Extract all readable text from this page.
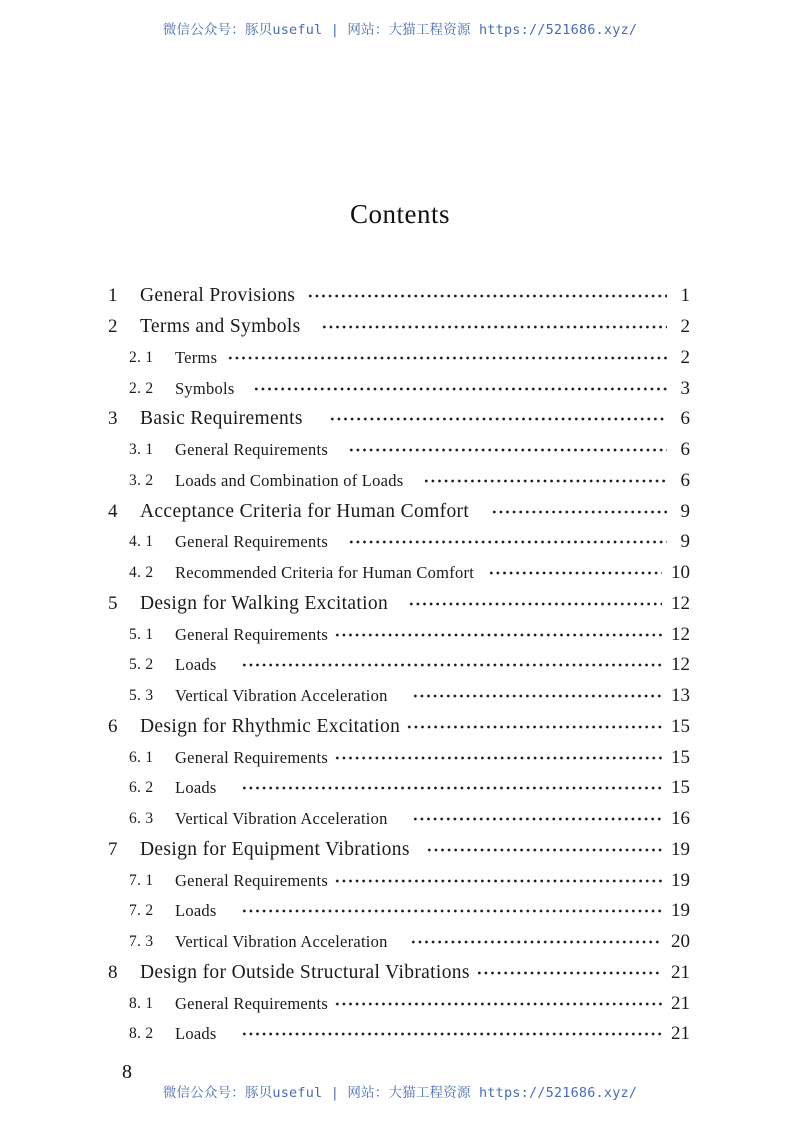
微信公众号：豚贝useful | 网站：大猫工程资源 https://521686.xyz/
Contents
1	General Provisions	1
2	Terms and Symbols	2
2. 1	Terms	2
2. 2	Symbols	3
3	Basic Requirements	6
3. 1	General Requirements	6
3. 2	Loads and Combination of Loads	6
4	Acceptance Criteria for Human Comfort	9
4. 1	General Requirements	9
4. 2	Recommended Criteria for Human Comfort	10
5	Design for Walking Excitation	12
5. 1	General Requirements	12
5. 2	Loads	12
5. 3	Vertical Vibration Acceleration	13
6	Design for Rhythmic Excitation	15
6. 1	General Requirements	15
6. 2	Loads	15
6. 3	Vertical Vibration Acceleration	16
7	Design for Equipment Vibrations	19
7. 1	General Requirements	19
7. 2	Loads	19
7. 3	Vertical Vibration Acceleration	20
8	Design for Outside Structural Vibrations	21
8. 1	General Requirements	21
8. 2	Loads	21
8
微信公众号：豚贝useful | 网站：大猫工程资源 https://521686.xyz/
